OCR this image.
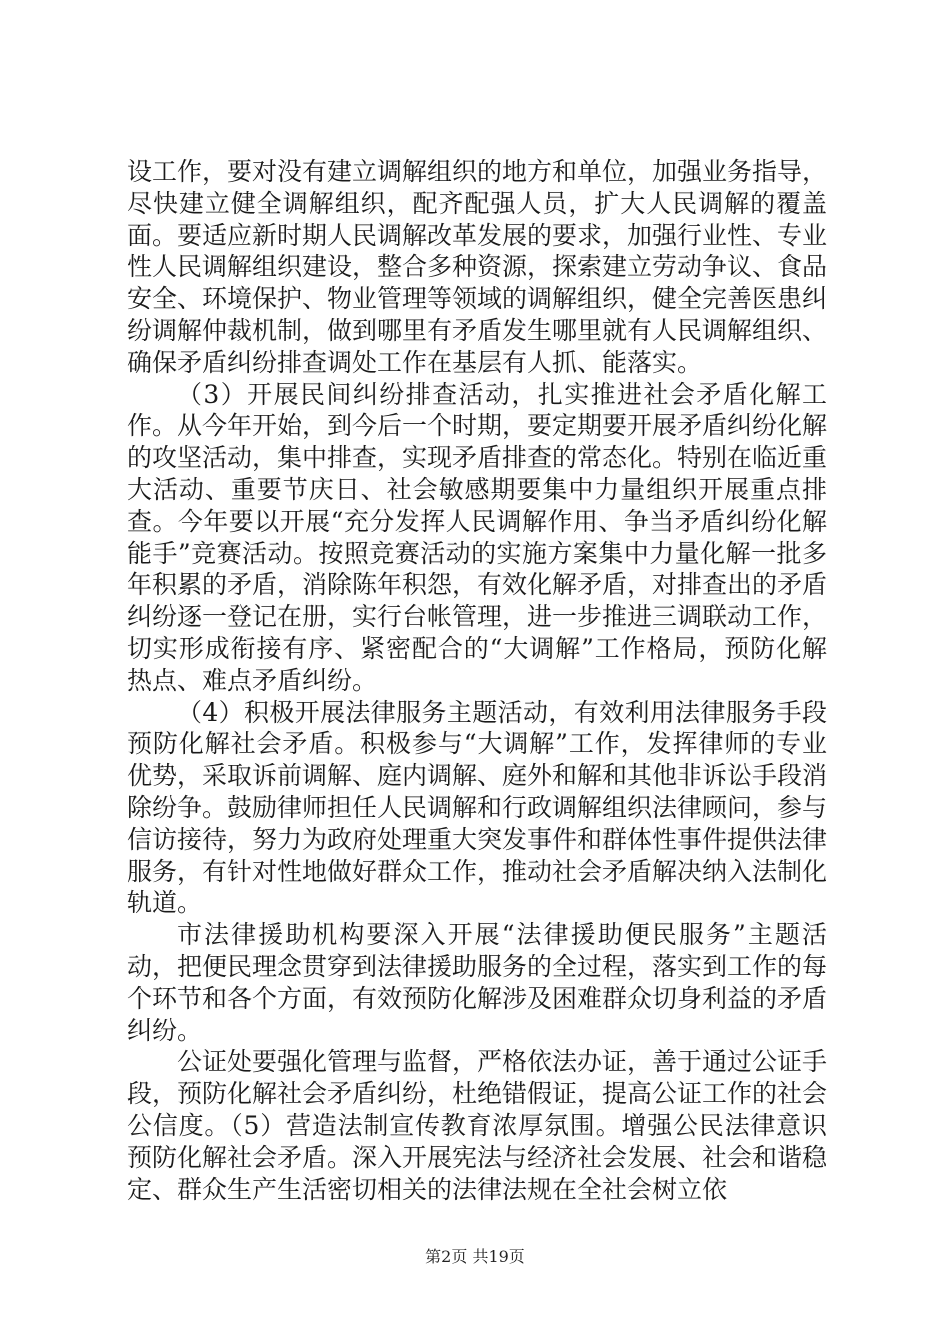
设工作，要对没有建立调解组织的地方和单位，加强业务指导，尽快建立健全调解组织，配齐配强人员，扩大人民调解的覆盖面。要适应新时期人民调解改革发展的要求，加强行业性、专业性人民调解组织建设，整合多种资源，探索建立劳动争议、食品安全、环境保护、物业管理等领域的调解组织，健全完善医患纠纷调解仲裁机制，做到哪里有矛盾发生哪里就有人民调解组织、确保矛盾纠纷排查调处工作在基层有人抓、能落实。

（3）开展民间纠纷排查活动，扎实推进社会矛盾化解工作。从今年开始，到今后一个时期，要定期要开展矛盾纠纷化解的攻坚活动，集中排查，实现矛盾排查的常态化。特别在临近重大活动、重要节庆日、社会敏感期要集中力量组织开展重点排查。今年要以开展“充分发挥人民调解作用、争当矛盾纠纷化解能手”竞赛活动。按照竞赛活动的实施方案集中力量化解一批多年积累的矛盾，消除陈年积怨，有效化解矛盾，对排查出的矛盾纠纷逐一登记在册，实行台帐管理，进一步推进三调联动工作，切实形成衔接有序、紧密配合的“大调解”工作格局，预防化解热点、难点矛盾纠纷。

（4）积极开展法律服务主题活动，有效利用法律服务手段预防化解社会矛盾。积极参与“大调解”工作，发挥律师的专业优势，采取诉前调解、庭内调解、庭外和解和其他非诉讼手段消除纷争。鼓励律师担任人民调解和行政调解组织法律顾问，参与信访接待，努力为政府处理重大突发事件和群体性事件提供法律服务，有针对性地做好群众工作，推动社会矛盾解决纳入法制化轨道。

市法律援助机构要深入开展“法律援助便民服务”主题活动，把便民理念贯穿到法律援助服务的全过程，落实到工作的每个环节和各个方面，有效预防化解涉及困难群众切身利益的矛盾纠纷。

公证处要强化管理与监督，严格依法办证，善于通过公证手段，预防化解社会矛盾纠纷，杜绝错假证，提高公证工作的社会公信度。（5）营造法制宣传教育浓厚氛围。增强公民法律意识预防化解社会矛盾。深入开展宪法与经济社会发展、社会和谐稳定、群众生产生活密切相关的法律法规在全社会树立依

第2页 共19页
